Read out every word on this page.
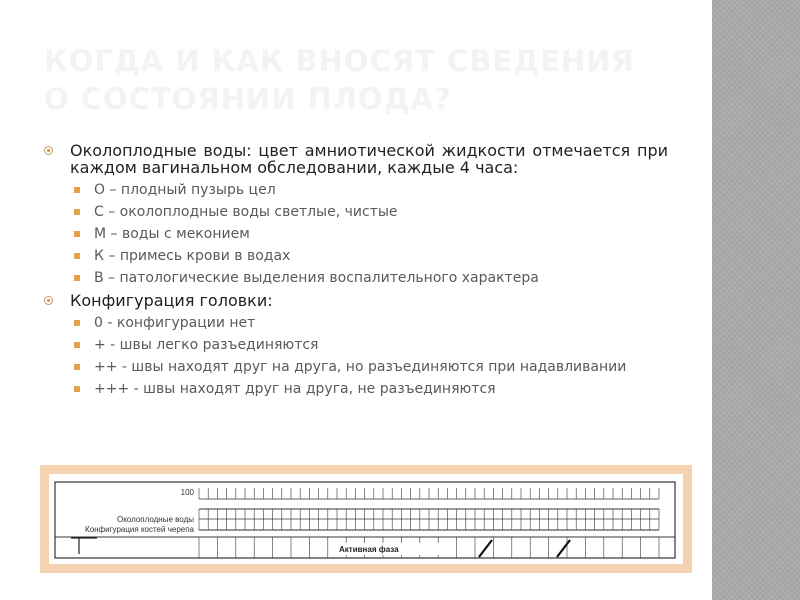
КОГДА И КАК ВНОСЯТ СВЕДЕНИЯ
О СОСТОЯНИИ ПЛОДА?

Околоплодные воды: цвет амниотической жидкости отмечается при каждом вагинальном обследовании, каждые 4 часа:

О – плодный пузырь цел

С – околоплодные воды светлые, чистые

М – воды с меконием

К – примесь крови в водах

В – патологические выделения воспалительного характера

Конфигурация головки:

0 - конфигурации нет

+ - швы легко разъединяются

++ - швы находят друг на друга, но разъединяются при надавливании

+++ - швы находят друг на друга, не разъединяются

100
Околоплодные воды
Конфигурация костей черепа
Активная фаза
